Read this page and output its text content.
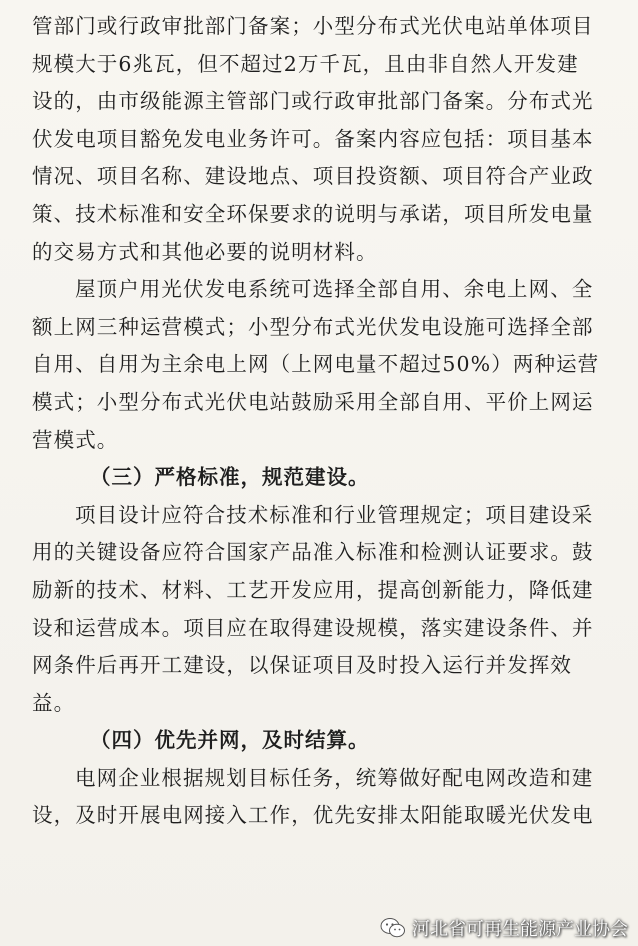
管部门或行政审批部门备案；小型分布式光伏电站单体项目
规模大于6兆瓦，但不超过2万千瓦，且由非自然人开发建
设的，由市级能源主管部门或行政审批部门备案。分布式光
伏发电项目豁免发电业务许可。备案内容应包括：项目基本
情况、项目名称、建设地点、项目投资额、项目符合产业政
策、技术标准和安全环保要求的说明与承诺，项目所发电量
的交易方式和其他必要的说明材料。
屋顶户用光伏发电系统可选择全部自用、余电上网、全
额上网三种运营模式；小型分布式光伏发电设施可选择全部
自用、自用为主余电上网（上网电量不超过50%）两种运营
模式；小型分布式光伏电站鼓励采用全部自用、平价上网运
营模式。
（三）严格标准，规范建设。
项目设计应符合技术标准和行业管理规定；项目建设采
用的关键设备应符合国家产品准入标准和检测认证要求。鼓
励新的技术、材料、工艺开发应用，提高创新能力，降低建
设和运营成本。项目应在取得建设规模，落实建设条件、并
网条件后再开工建设，以保证项目及时投入运行并发挥效
益。
（四）优先并网，及时结算。
电网企业根据规划目标任务，统筹做好配电网改造和建
设，及时开展电网接入工作，优先安排太阳能取暖光伏发电
河北省可再生能源产业协会
